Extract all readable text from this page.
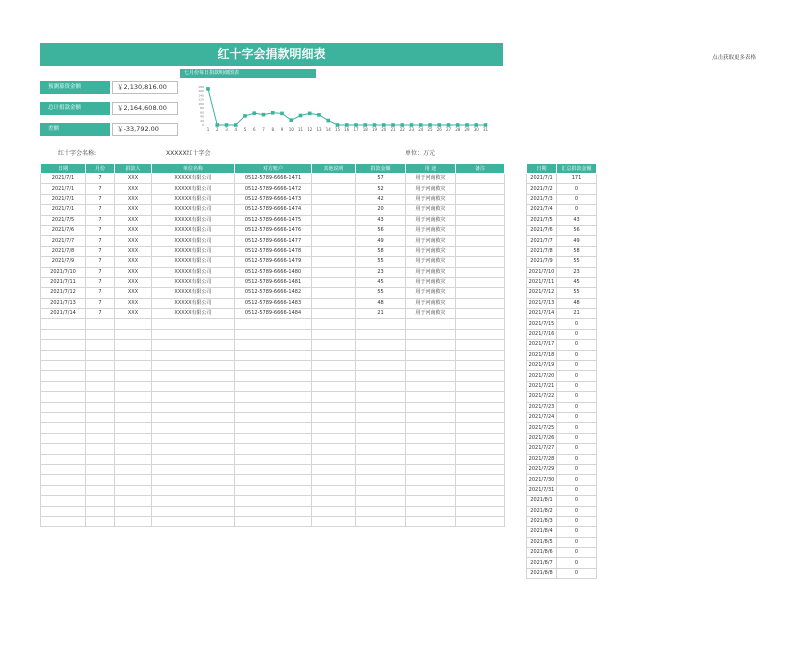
红十字会捐款明细表	点击获取更多表格
预测募资金额	￥2,130,816.00
总计捐款金额	￥2,164,608.00
差额	￥-33,792.00
七月份每日捐款明细图表
180
160
140
120
100
80
60
40
20
0
1 2 3 4 5 6 7 8 9 10 11 12 13 14 15 16 17 18 19 20 21 22 23 24 25 26 27 28 29 30 31
红十字会名称:	XXXXX红十字会	单位：万元
日期	月份	捐款人	单位名称	对方账户	其他说明	捐款金额	用 途	备注
2021/7/1	7	XXX	XXXXX有限公司	0512-5789-6666-1471		57	用于河南救灾	
2021/7/1	7	XXX	XXXXX有限公司	0512-5789-6666-1472		52	用于河南救灾	
2021/7/1	7	XXX	XXXXX有限公司	0512-5789-6666-1473		42	用于河南救灾	
2021/7/1	7	XXX	XXXXX有限公司	0512-5789-6666-1474		20	用于河南救灾	
2021/7/5	7	XXX	XXXXX有限公司	0512-5789-6666-1475		43	用于河南救灾	
2021/7/6	7	XXX	XXXXX有限公司	0512-5789-6666-1476		56	用于河南救灾	
2021/7/7	7	XXX	XXXXX有限公司	0512-5789-6666-1477		49	用于河南救灾	
2021/7/8	7	XXX	XXXXX有限公司	0512-5789-6666-1478		58	用于河南救灾	
2021/7/9	7	XXX	XXXXX有限公司	0512-5789-6666-1479		55	用于河南救灾	
2021/7/10	7	XXX	XXXXX有限公司	0512-5789-6666-1480		23	用于河南救灾	
2021/7/11	7	XXX	XXXXX有限公司	0512-5789-6666-1481		45	用于河南救灾	
2021/7/12	7	XXX	XXXXX有限公司	0512-5789-6666-1482		55	用于河南救灾	
2021/7/13	7	XXX	XXXXX有限公司	0512-5789-6666-1483		48	用于河南救灾	
2021/7/14	7	XXX	XXXXX有限公司	0512-5789-6666-1484		21	用于河南救灾	

日期	汇总捐款金额
2021/7/1	171
2021/7/2	0
2021/7/3	0
2021/7/4	0
2021/7/5	43
2021/7/6	56
2021/7/7	49
2021/7/8	58
2021/7/9	55
2021/7/10	23
2021/7/11	45
2021/7/12	55
2021/7/13	48
2021/7/14	21
2021/7/15	0
2021/7/16	0
2021/7/17	0
2021/7/18	0
2021/7/19	0
2021/7/20	0
2021/7/21	0
2021/7/22	0
2021/7/23	0
2021/7/24	0
2021/7/25	0
2021/7/26	0
2021/7/27	0
2021/7/28	0
2021/7/29	0
2021/7/30	0
2021/7/31	0
2021/8/1	0
2021/8/2	0
2021/8/3	0
2021/8/4	0
2021/8/5	0
2021/8/6	0
2021/8/7	0
2021/8/8	0
